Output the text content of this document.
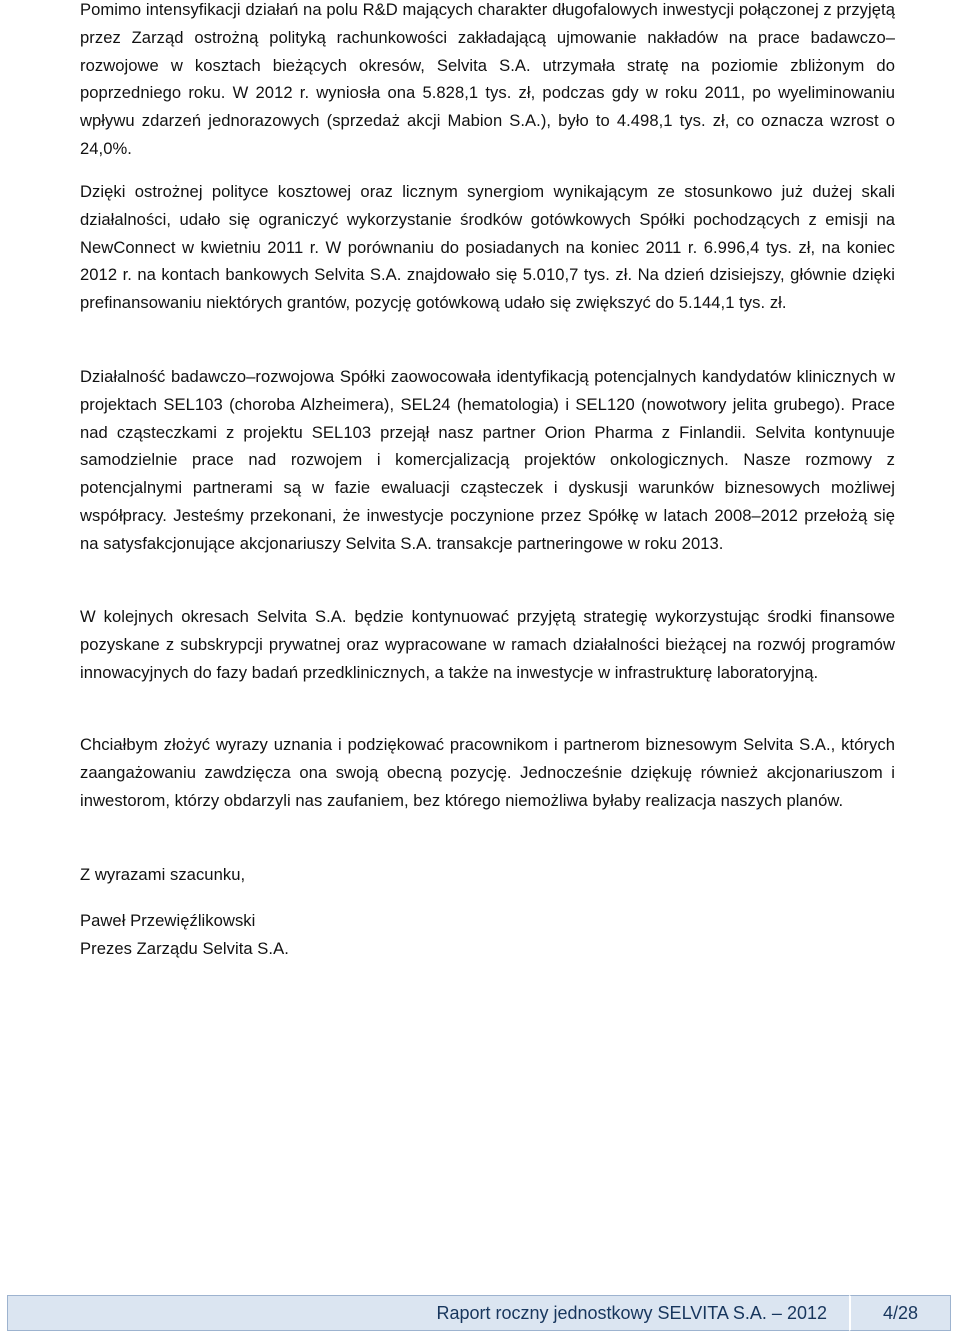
Pomimo intensyfikacji działań na polu R&D mających charakter długofalowych inwestycji połączonej z przyjętą przez Zarząd ostrożną polityką rachunkowości zakładającą ujmowanie nakładów na prace badawczo–rozwojowe w kosztach bieżących okresów, Selvita S.A. utrzymała stratę na poziomie zbliżonym do poprzedniego roku. W 2012 r. wyniosła ona 5.828,1 tys. zł, podczas gdy w roku 2011, po wyeliminowaniu wpływu zdarzeń jednorazowych (sprzedaż akcji Mabion S.A.), było to 4.498,1 tys. zł, co oznacza wzrost o 24,0%.

Dzięki ostrożnej polityce kosztowej oraz licznym synergiom wynikającym ze stosunkowo już dużej skali działalności, udało się ograniczyć wykorzystanie środków gotówkowych Spółki pochodzących z emisji na NewConnect w kwietniu 2011 r. W porównaniu do posiadanych na koniec 2011 r. 6.996,4 tys. zł, na koniec 2012 r. na kontach bankowych Selvita S.A. znajdowało się 5.010,7 tys. zł. Na dzień dzisiejszy, głównie dzięki prefinansowaniu niektórych grantów, pozycję gotówkową udało się zwiększyć do 5.144,1 tys. zł.

Działalność badawczo–rozwojowa Spółki zaowocowała identyfikacją potencjalnych kandydatów klinicznych w projektach SEL103 (choroba Alzheimera), SEL24 (hematologia) i SEL120 (nowotwory jelita grubego). Prace nad cząsteczkami z projektu SEL103 przejął nasz partner Orion Pharma z Finlandii. Selvita kontynuuje samodzielnie prace nad rozwojem i komercjalizacją projektów onkologicznych. Nasze rozmowy z potencjalnymi partnerami są w fazie ewaluacji cząsteczek i dyskusji warunków biznesowych możliwej współpracy. Jesteśmy przekonani, że inwestycje poczynione przez Spółkę w latach 2008–2012 przełożą się na satysfakcjonujące akcjonariuszy Selvita S.A. transakcje partneringowe w roku 2013.

W kolejnych okresach Selvita S.A. będzie kontynuować przyjętą strategię wykorzystując środki finansowe pozyskane z subskrypcji prywatnej oraz wypracowane w ramach działalności bieżącej na rozwój programów innowacyjnych do fazy badań przedklinicznych, a także na inwestycje w infrastrukturę laboratoryjną.

Chciałbym złożyć wyrazy uznania i podziękować pracownikom i partnerom biznesowym Selvita S.A., których zaangażowaniu zawdzięcza ona swoją obecną pozycję. Jednocześnie dziękuję również akcjonariuszom i inwestorom, którzy obdarzyli nas zaufaniem, bez którego niemożliwa byłaby realizacja naszych planów.

Z wyrazami szacunku,

Paweł Przewięźlikowski

Prezes Zarządu Selvita S.A.

Raport roczny jednostkowy SELVITA S.A. – 2012	4/28
